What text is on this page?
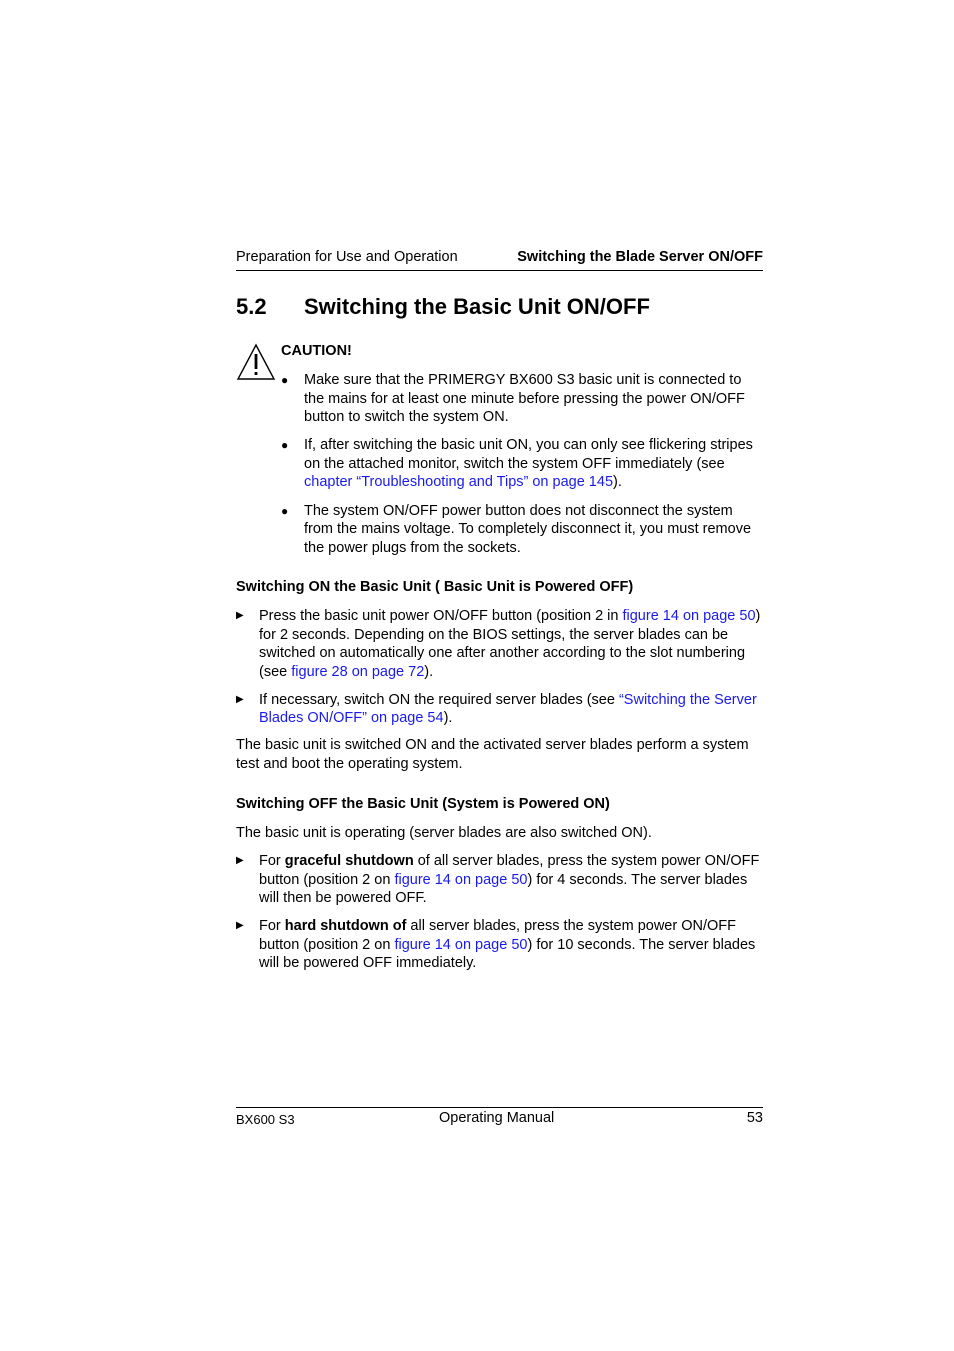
Preparation for Use and Operation	Switching the Blade Server ON/OFF
5.2 Switching the Basic Unit ON/OFF
CAUTION!
● Make sure that the PRIMERGY BX600 S3 basic unit is connected to the mains for at least one minute before pressing the power ON/OFF button to switch the system ON.
● If, after switching the basic unit ON, you can only see flickering stripes on the attached monitor, switch the system OFF immediately (see chapter “Troubleshooting and Tips” on page 145).
● The system ON/OFF power button does not disconnect the system from the mains voltage. To completely disconnect it, you must remove the power plugs from the sockets.
Switching ON the Basic Unit ( Basic Unit is Powered OFF)
▶ Press the basic unit power ON/OFF button (position 2 in figure 14 on page 50) for 2 seconds. Depending on the BIOS settings, the server blades can be switched on automatically one after another according to the slot numbering (see figure 28 on page 72).
▶ If necessary, switch ON the required server blades (see “Switching the Server Blades ON/OFF” on page 54).

The basic unit is switched ON and the activated server blades perform a system test and boot the operating system.

Switching OFF the Basic Unit (System is Powered ON)

The basic unit is operating (server blades are also switched ON).

▶ For graceful shutdown of all server blades, press the system power ON/OFF button (position 2 on figure 14 on page 50) for 4 seconds. The server blades will then be powered OFF.
▶ For hard shutdown of all server blades, press the system power ON/OFF button (position 2 on figure 14 on page 50) for 10 seconds. The server blades will be powered OFF immediately.
BX600 S3	Operating Manual	53
